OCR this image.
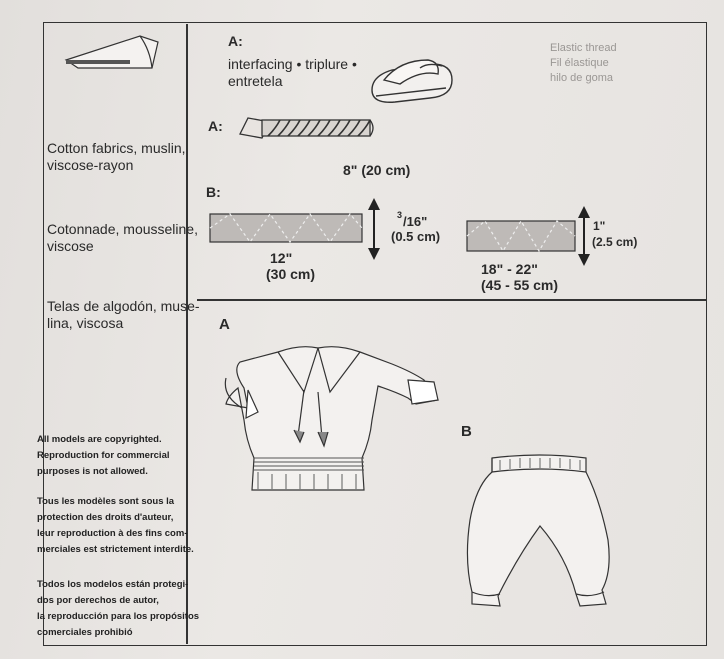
Cotton fabrics, muslin,
viscose-rayon
Cotonnade, mousseline,
viscose
Telas de algodón, muse-
lina, viscosa
All models are copyrighted.
Reproduction for commercial
purposes is not allowed.
Tous les modèles sont sous la
protection des droits d'auteur,
leur reproduction à des fins com-
merciales est strictement interdite.
Todos los modelos están protegi-
dos por derechos de autor,
la reproducción para los propósitos
comerciales prohibió
A:
interfacing • triplure •
entretela
Elastic thread
Fil élastique
hilo de goma
A:
8" (20 cm)
B:
3 /16"
(0.5 cm)
12"
(30 cm)
1"
(2.5 cm)
18" - 22"
(45 - 55 cm)
A
B
